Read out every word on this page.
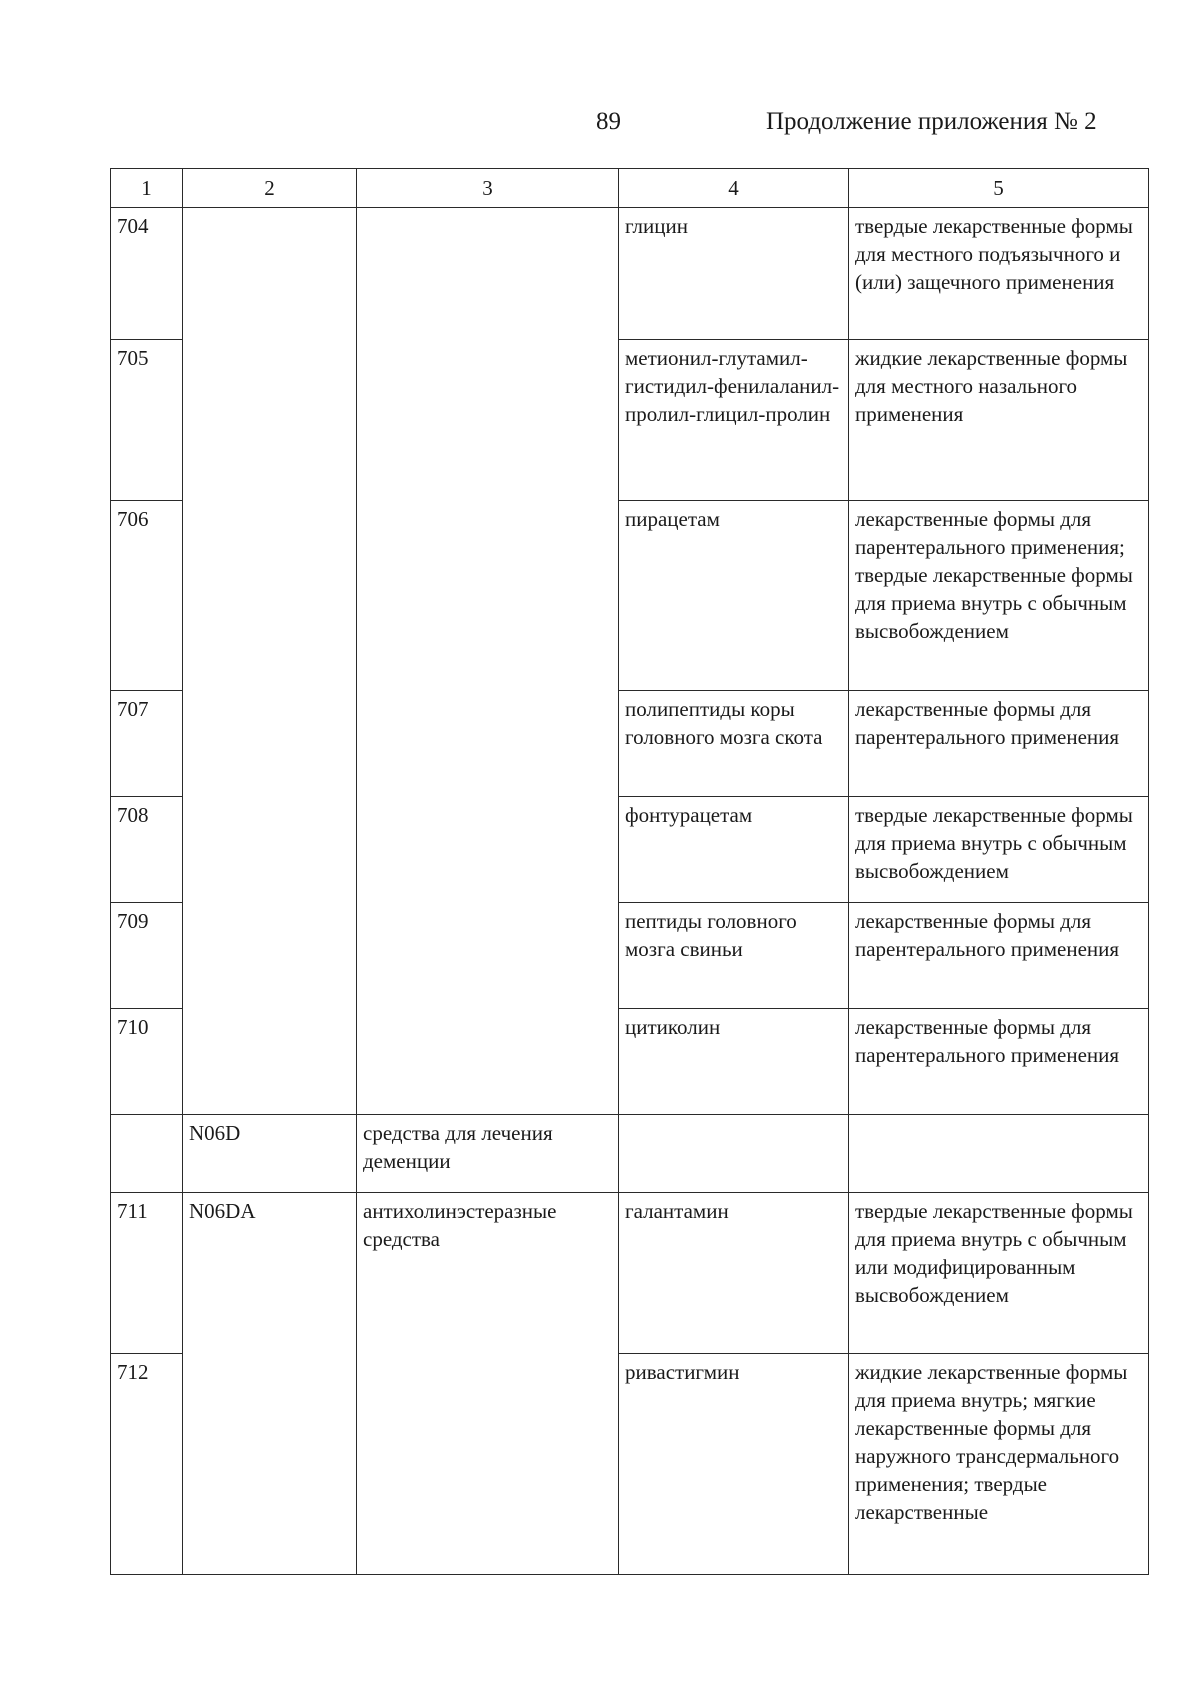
89	Продолжение приложения № 2
1	2	3	4	5
704			глицин	твердые лекарственные формы для местного подъязычного и (или) защечного применения
705			метионил-глутамил-гистидил-фенилаланил-пролил-глицил-пролин	жидкие лекарственные формы для местного назального применения
706			пирацетам	лекарственные формы для парентерального применения; твердые лекарственные формы для приема внутрь с обычным высвобождением
707			полипептиды коры головного мозга скота	лекарственные формы для парентерального применения
708			фонтурацетам	твердые лекарственные формы для приема внутрь с обычным высвобождением
709			пептиды головного мозга свиньи	лекарственные формы для парентерального применения
710			цитиколин	лекарственные формы для парентерального применения
	N06D	средства для лечения деменции		
711	N06DA	антихолинэстеразные средства	галантамин	твердые лекарственные формы для приема внутрь с обычным или модифицированным высвобождением
712			ривастигмин	жидкие лекарственные формы для приема внутрь; мягкие лекарственные формы для наружного трансдермального применения; твердые лекарственные
